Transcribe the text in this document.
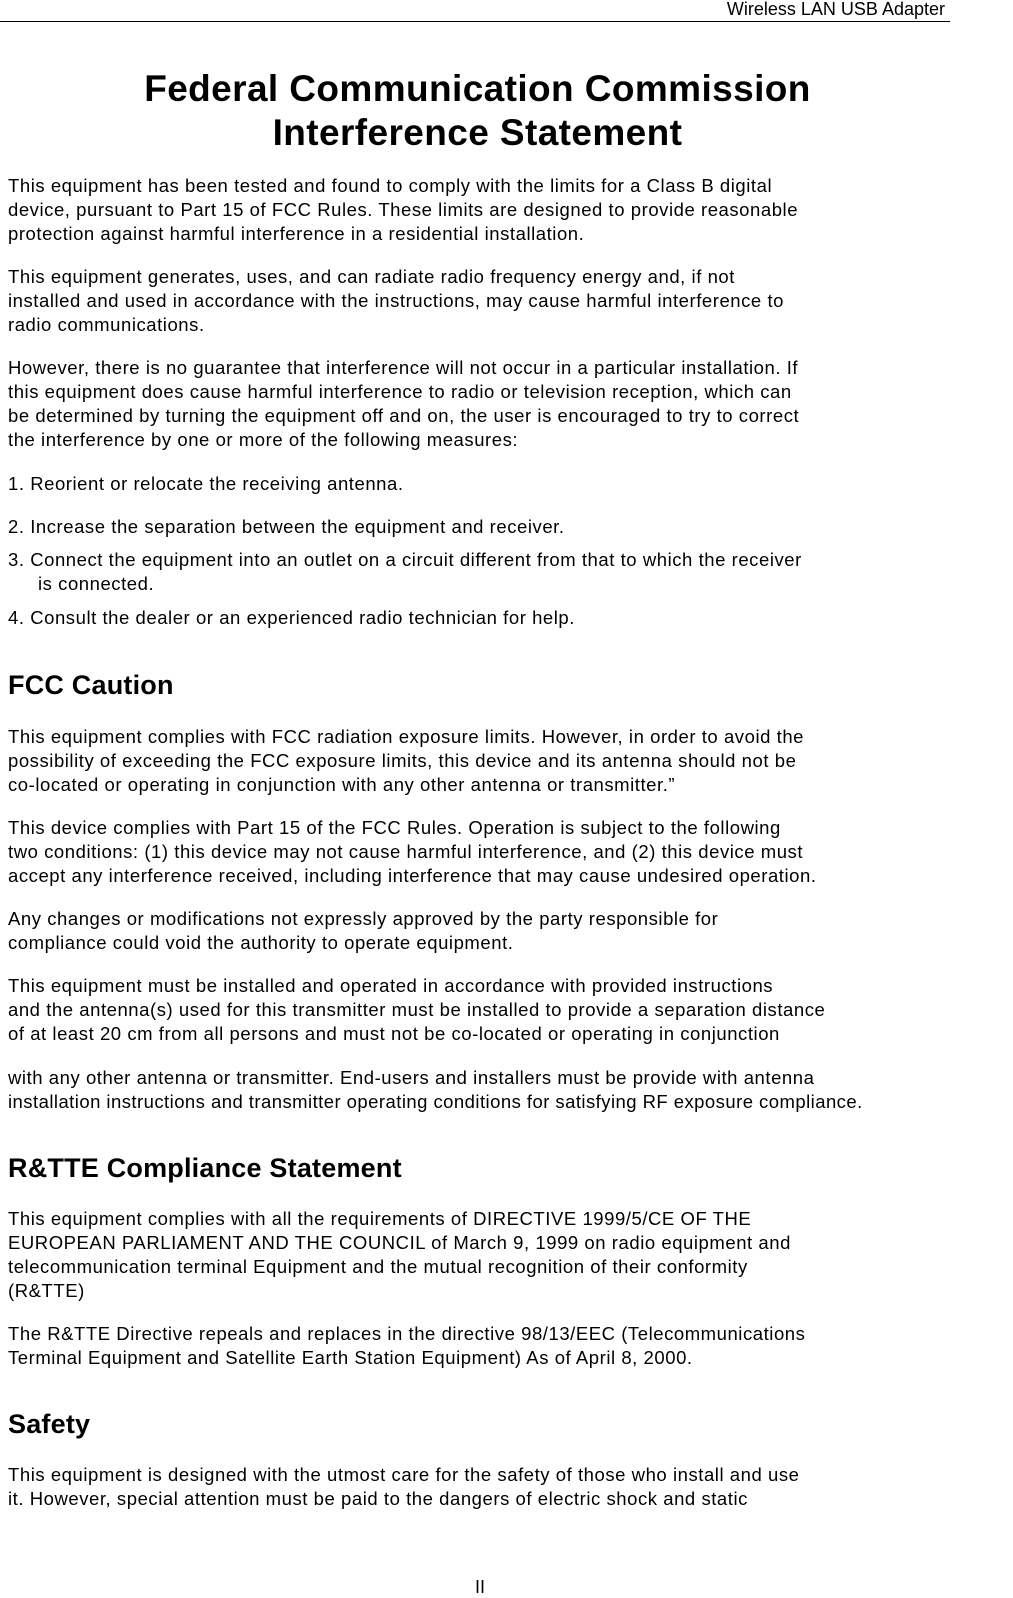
Wireless LAN USB Adapter
Federal Communication Commission
Interference Statement
This equipment has been tested and found to comply with the limits for a Class B digital
device, pursuant to Part 15 of FCC Rules. These limits are designed to provide reasonable
protection against harmful interference in a residential installation.
This equipment generates, uses, and can radiate radio frequency energy and, if not
installed and used in accordance with the instructions, may cause harmful interference to
radio communications.
However, there is no guarantee that interference will not occur in a particular installation. If
this equipment does cause harmful interference to radio or television reception, which can
be determined by turning the equipment off and on, the user is encouraged to try to correct
the interference by one or more of the following measures:
1. Reorient or relocate the receiving antenna.
2. Increase the separation between the equipment and receiver.
3. Connect the equipment into an outlet on a circuit different from that to which the receiver
is connected.
4. Consult the dealer or an experienced radio technician for help.
FCC Caution
This equipment complies with FCC radiation exposure limits. However, in order to avoid the
possibility of exceeding the FCC exposure limits, this device and its antenna should not be
co-located or operating in conjunction with any other antenna or transmitter.”
This device complies with Part 15 of the FCC Rules. Operation is subject to the following
two conditions: (1) this device may not cause harmful interference, and (2) this device must
accept any interference received, including interference that may cause undesired operation.
Any changes or modifications not expressly approved by the party responsible for
compliance could void the authority to operate equipment.
This equipment must be installed and operated in accordance with provided instructions
and the antenna(s) used for this transmitter must be installed to provide a separation distance
of at least 20 cm from all persons and must not be co-located or operating in conjunction
with any other antenna or transmitter. End-users and installers must be provide with antenna
installation instructions and transmitter operating conditions for satisfying RF exposure compliance.
R&TTE Compliance Statement
This equipment complies with all the requirements of DIRECTIVE 1999/5/CE OF THE
EUROPEAN PARLIAMENT AND THE COUNCIL of March 9, 1999 on radio equipment and
telecommunication terminal Equipment and the mutual recognition of their conformity
(R&TTE)
The R&TTE Directive repeals and replaces in the directive 98/13/EEC (Telecommunications
Terminal Equipment and Satellite Earth Station Equipment) As of April 8, 2000.
Safety
This equipment is designed with the utmost care for the safety of those who install and use
it. However, special attention must be paid to the dangers of electric shock and static
II
